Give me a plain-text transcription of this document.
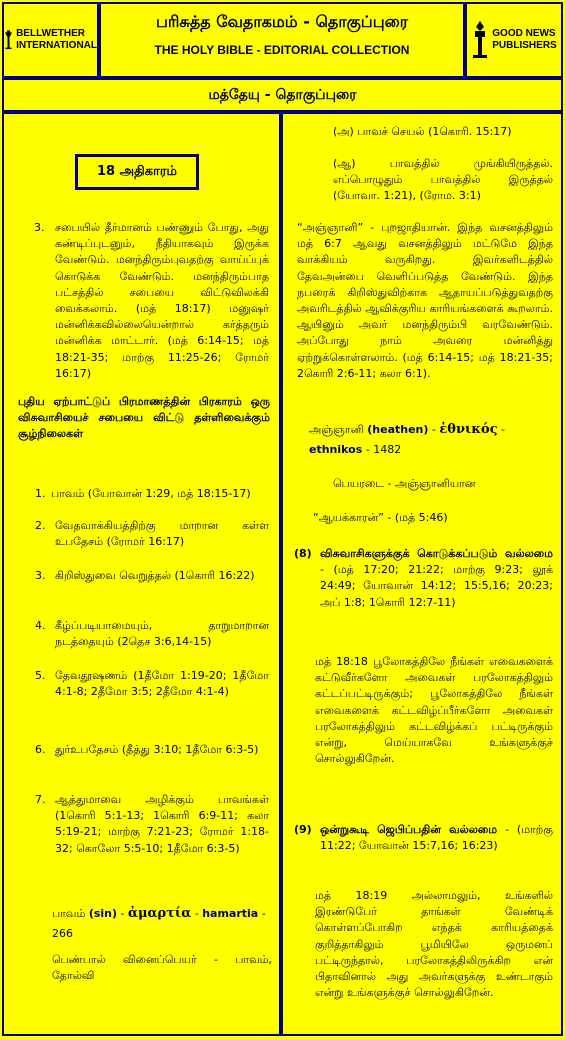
BELLWETHER
INTERNATIONAL
பரிசுத்த வேதாகமம் - தொகுப்புரை
THE HOLY BIBLE - EDITORIAL COLLECTION
GOOD NEWS
PUBLISHERS
மத்தேயு - தொகுப்புரை
18 அதிகாரம்
3. சபையில் தீர்மானம் பண்ணும் போது, அது கண்டிப்புடனும், நீதியாகவும் இருக்க வேண்டும். மனந்திரும்புவதற்கு வாய்ப்புக் கொடுக்க வேண்டும். மனந்திரும்பாத பட்சத்தில் சபையை விட்டுவிலக்கி வைக்கலாம். (மத் 18:17) மனுஷர் மன்னிக்கவில்லையென்றால் கர்த்தரும் மன்னிக்க மாட்டார். (மத் 6:14-15; மத் 18:21-35; மாற்கு 11:25-26; ரோமர் 16:17)

புதிய ஏற்பாட்டுப் பிரமாணத்தின் பிரகாரம் ஒரு விசுவாசியைச் சபையை விட்டு தள்ளிவைக்கும் சூழ்நிலைகள்
1. பாவம் (யோவான் 1:29, மத் 18:15-17)

2. வேதவாக்கியத்திற்கு மாறான கள்ள உபதேசம் (ரோமர் 16:17)

3. கிறிஸ்துவை வெறுத்தல் (1கொரி 16:22)

4. கீழ்ப்படியாமையும், தாறுமாறான நடத்தையும் (2தெச 3:6,14-15)

5. தேவதூஷணம் (1தீமோ 1:19-20; 1தீமோ 4:1-8; 2தீமோ 3:5; 2தீமோ 4:1-4)

6. துர்உபதேசம் (தீத்து 3:10; 1தீமோ 6:3-5)

7. ஆத்துமாவை அழிக்கும் பாவங்கள் (1கொரி 5:1-13; 1கொரி 6:9-11; கலா 5:19-21; மாற்கு 7:21-23; ரோமர் 1:18-32; கொலோ 5:5-10; 1தீமோ 6:3-5)

பாவம் (sin) - ἁμαρτία - hamartia - 266
பெண்பால் வினைப்பெயர் - பாவம், தோல்வி
(அ) பாவச் செயல் (1கொரி. 15:17)
(ஆ) பாவத்தில் முங்கியிருத்தல். எப்பொழுதும் பாவத்தில் இருத்தல் (யோவா. 1:21), (ரோம. 3:1)
“அஞ்ஞானி” - புறஜாதியான். இந்த வசனத்திலும் மத் 6:7 ஆவது வசனத்திலும் மட்டுமே இந்த வாக்கியம் வருகிறது. இவர்களிடத்தில் தேவஅன்பை வெளிப்படுத்த வேண்டும். இந்த நபரைக் கிறிஸ்துவிற்காக ஆதாயப்படுத்துவதற்கு அவரிடத்தில் ஆவிக்குரிய காரியங்களைக் கூறலாம். ஆயினும் அவர் மனந்திரும்பி வரவேண்டும். அப்போது நாம் அவரை மன்னித்து ஏற்றுக்கொள்ளலாம். (மத் 6:14-15; மத் 18:21-35; 2கொரி 2:6-11; கலா 6:1).
அஞ்ஞானி (heathen) - ἐθνικός - ethnikos - 1482
பெயரடை - அஞ்ஞானியான
“ஆயக்காரன்” - (மத் 5:46)
(8) விசுவாசிகளுக்குக் கொடுக்கப்படும் வல்லமை - (மத் 17:20; 21:22; மாற்கு 9:23; லூக் 24:49; யோவான் 14:12; 15:5,16; 20:23; அப் 1:8; 1கொரி 12:7-11)

மத் 18:18 பூலோகத்திலே நீங்கள் எவைகளைக் கட்டுவீர்களோ அவைகள் பரலோகத்திலும் கட்டப்பட்டிருக்கும்; பூலோகத்திலே நீங்கள் எவைகளைக் கட்டவிழ்ப்பீர்களோ அவைகள் பரலோகத்திலும் கட்டவிழ்க்கப் பட்டிருக்கும் என்று, மெய்யாகவே உங்களுக்குச் சொல்லுகிறேன்.
(9) ஒன்றுகூடி ஜெபிப்பதின் வல்லமை - (மாற்கு 11:22; யோவான் 15:7,16; 16:23)

மத் 18:19 அல்லாமலும், உங்களில் இரண்டுபேர் தாங்கள் வேண்டிக் கொள்ளப்போகிற எந்தக் காரியத்தைக் குறித்தாகிலும் பூமியிலே ஒருமனப் பட்டிருந்தால், பரலோகத்திலிருக்கிற என் பிதாவினால் அது அவர்களுக்கு உண்டாகும் என்று உங்களுக்குச் சொல்லுகிறேன்.
